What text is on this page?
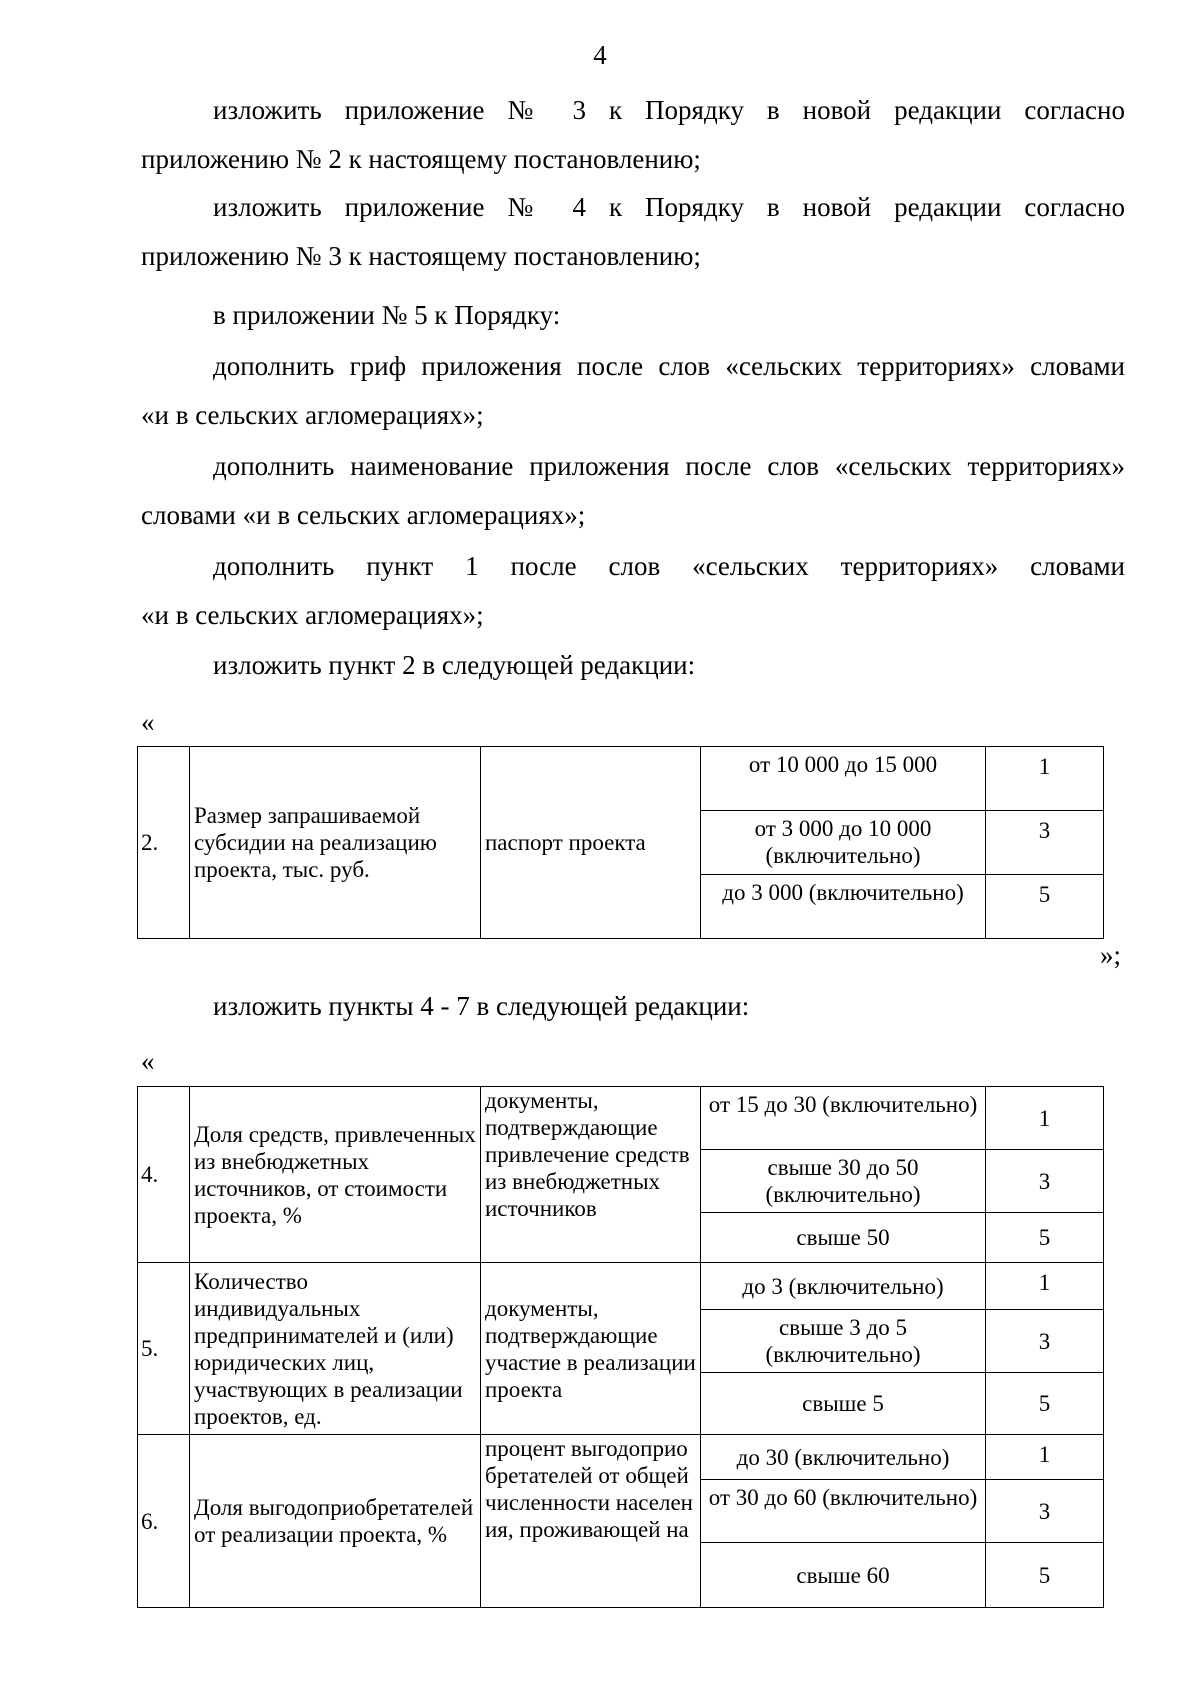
4
изложить приложение № 3 к Порядку в новой редакции согласно
приложению № 2 к настоящему постановлению;
изложить приложение № 4 к Порядку в новой редакции согласно
приложению № 3 к настоящему постановлению;
в приложении № 5 к Порядку:
дополнить гриф приложения после слов «сельских территориях» словами
«и в сельских агломерациях»;
дополнить наименование приложения после слов «сельских территориях»
словами «и в сельских агломерациях»;
дополнить пункт 1 после слов «сельских территориях» словами
«и в сельских агломерациях»;
изложить пункт 2 в следующей редакции:
«
2.	Размер запрашиваемой субсидии на реализацию проекта, тыс. руб.	паспорт проекта	от 10 000 до 15 000	1
			от 3 000 до 10 000 (включительно)	3
			до 3 000 (включительно)	5
»;
изложить пункты 4 - 7 в следующей редакции:
«
4.	Доля средств, привлеченных из внебюджетных источников, от стоимости проекта, %	документы, подтверждающие привлечение средств из внебюджетных источников	от 15 до 30 (включительно)	1
			свыше 30 до 50 (включительно)	3
			свыше 50	5
5.	Количество индивидуальных предпринимателей и (или) юридических лиц, участвующих в реализации проектов, ед.	документы, подтверждающие участие в реализации проекта	до 3 (включительно)	1
			свыше 3 до 5 (включительно)	3
			свыше 5	5
6.	Доля выгодоприобретателей от реализации проекта, %	процент выгодоприобретателей от общей численности населения, проживающей на	до 30 (включительно)	1
			от 30 до 60 (включительно)	3
			свыше 60	5
